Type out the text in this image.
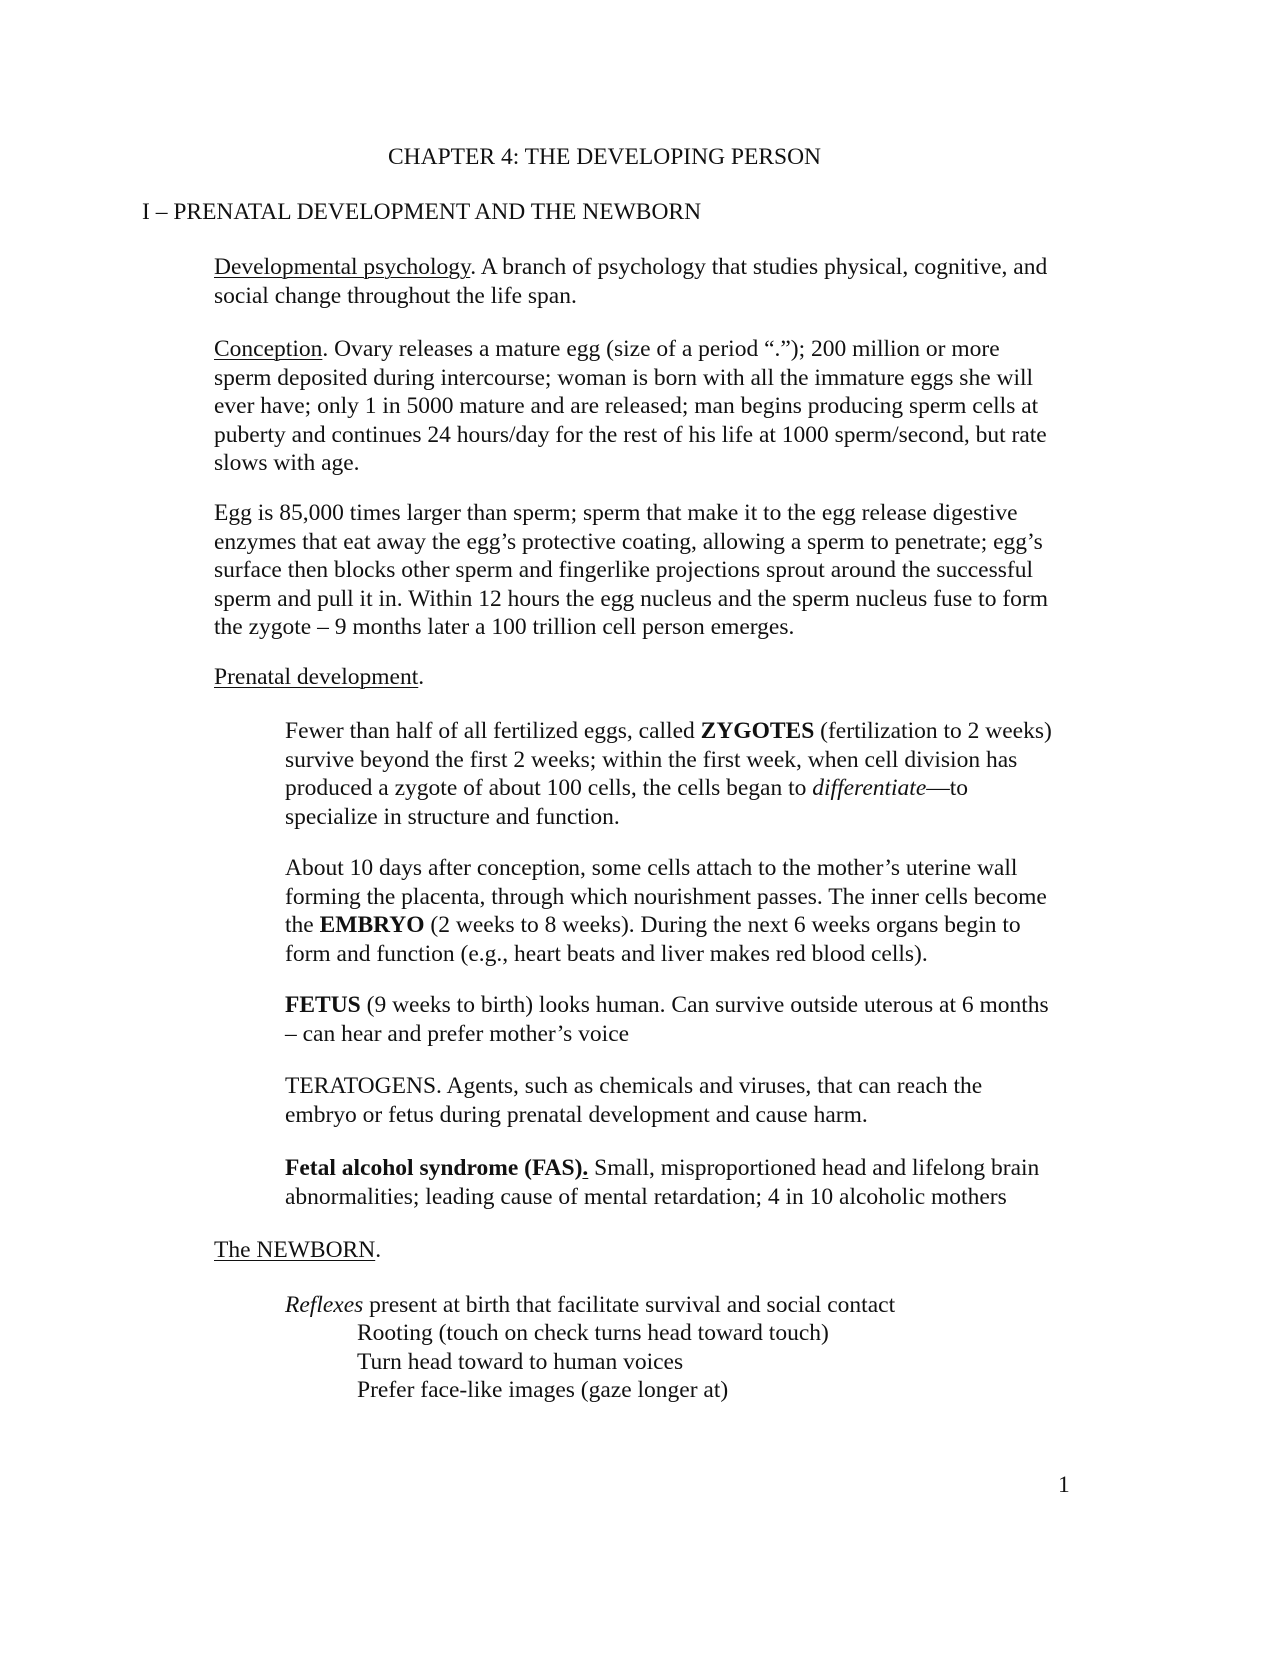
CHAPTER 4: THE DEVELOPING PERSON
I – PRENATAL DEVELOPMENT AND THE NEWBORN
Developmental psychology. A branch of psychology that studies physical, cognitive, and
social change throughout the life span.
Conception. Ovary releases a mature egg (size of a period “.”); 200 million or more
sperm deposited during intercourse; woman is born with all the immature eggs she will
ever have; only 1 in 5000 mature and are released; man begins producing sperm cells at
puberty and continues 24 hours/day for the rest of his life at 1000 sperm/second, but rate
slows with age.
Egg is 85,000 times larger than sperm; sperm that make it to the egg release digestive
enzymes that eat away the egg’s protective coating, allowing a sperm to penetrate; egg’s
surface then blocks other sperm and fingerlike projections sprout around the successful
sperm and pull it in. Within 12 hours the egg nucleus and the sperm nucleus fuse to form
the zygote – 9 months later a 100 trillion cell person emerges.
Prenatal development.
Fewer than half of all fertilized eggs, called ZYGOTES (fertilization to 2 weeks)
survive beyond the first 2 weeks; within the first week, when cell division has
produced a zygote of about 100 cells, the cells began to differentiate—to
specialize in structure and function.
About 10 days after conception, some cells attach to the mother’s uterine wall
forming the placenta, through which nourishment passes. The inner cells become
the EMBRYO (2 weeks to 8 weeks). During the next 6 weeks organs begin to
form and function (e.g., heart beats and liver makes red blood cells).
FETUS (9 weeks to birth) looks human. Can survive outside uterous at 6 months
– can hear and prefer mother’s voice
TERATOGENS. Agents, such as chemicals and viruses, that can reach the
embryo or fetus during prenatal development and cause harm.
Fetal alcohol syndrome (FAS). Small, misproportioned head and lifelong brain
abnormalities; leading cause of mental retardation; 4 in 10 alcoholic mothers
The NEWBORN.
Reflexes present at birth that facilitate survival and social contact
Rooting (touch on check turns head toward touch)
Turn head toward to human voices
Prefer face-like images (gaze longer at)
1
